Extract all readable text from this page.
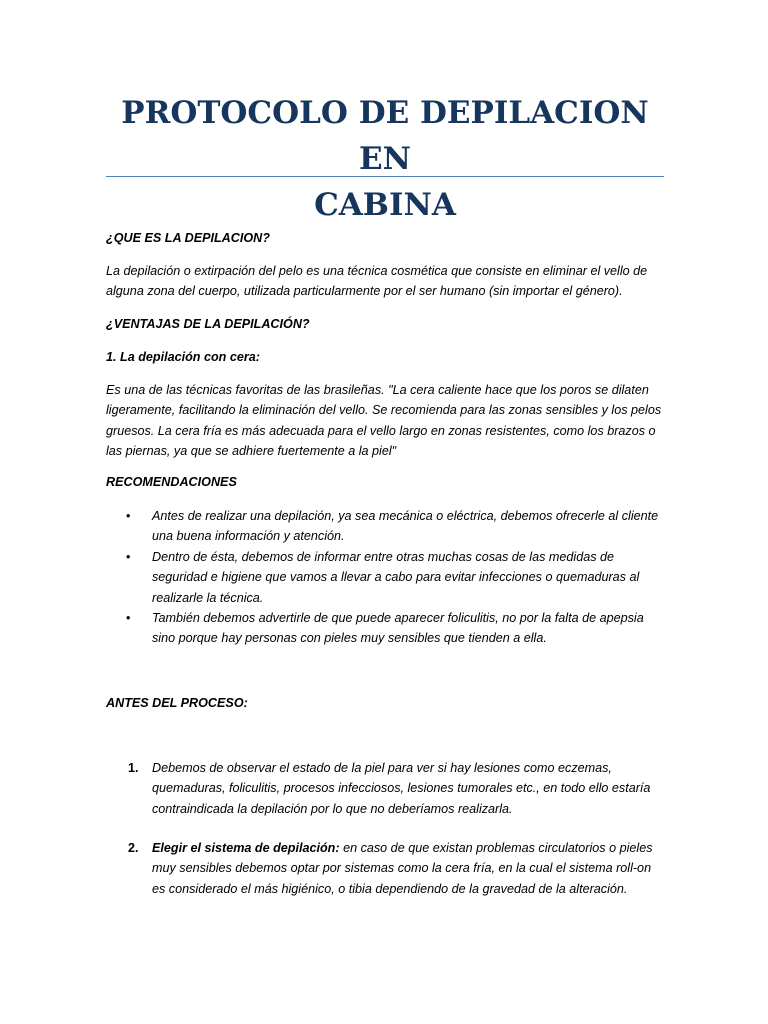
PROTOCOLO DE DEPILACION EN
CABINA

¿QUE ES LA DEPILACION?

La depilación o extirpación del pelo es una técnica cosmética que consiste en eliminar el vello de alguna zona del cuerpo, utilizada particularmente por el ser humano (sin importar el género).

¿VENTAJAS DE LA DEPILACIÓN?

1. La depilación con cera:

Es una de las técnicas favoritas de las brasileñas. "La cera caliente hace que los poros se dilaten ligeramente, facilitando la eliminación del vello. Se recomienda para las zonas sensibles y los pelos gruesos. La cera fría es más adecuada para el vello largo en zonas resistentes, como los brazos o las piernas, ya que se adhiere fuertemente a la piel"

RECOMENDACIONES

• Antes de realizar una depilación, ya sea mecánica o eléctrica, debemos ofrecerle al cliente una buena información y atención.
• Dentro de ésta, debemos de informar entre otras muchas cosas de las medidas de seguridad e higiene que vamos a llevar a cabo para evitar infecciones o quemaduras al realizarle la técnica.
• También debemos advertirle de que puede aparecer foliculitis, no por la falta de apepsia sino porque hay personas con pieles muy sensibles que tienden a ella.

ANTES DEL PROCESO:

1. Debemos de observar el estado de la piel para ver si hay lesiones como eczemas, quemaduras, foliculitis, procesos infecciosos, lesiones tumorales etc., en todo ello estaría contraindicada la depilación por lo que no deberíamos realizarla.
2. Elegir el sistema de depilación: en caso de que existan problemas circulatorios o pieles muy sensibles debemos optar por sistemas como la cera fría, en la cual el sistema roll-on es considerado el más higiénico, o tibia dependiendo de la gravedad de la alteración.
